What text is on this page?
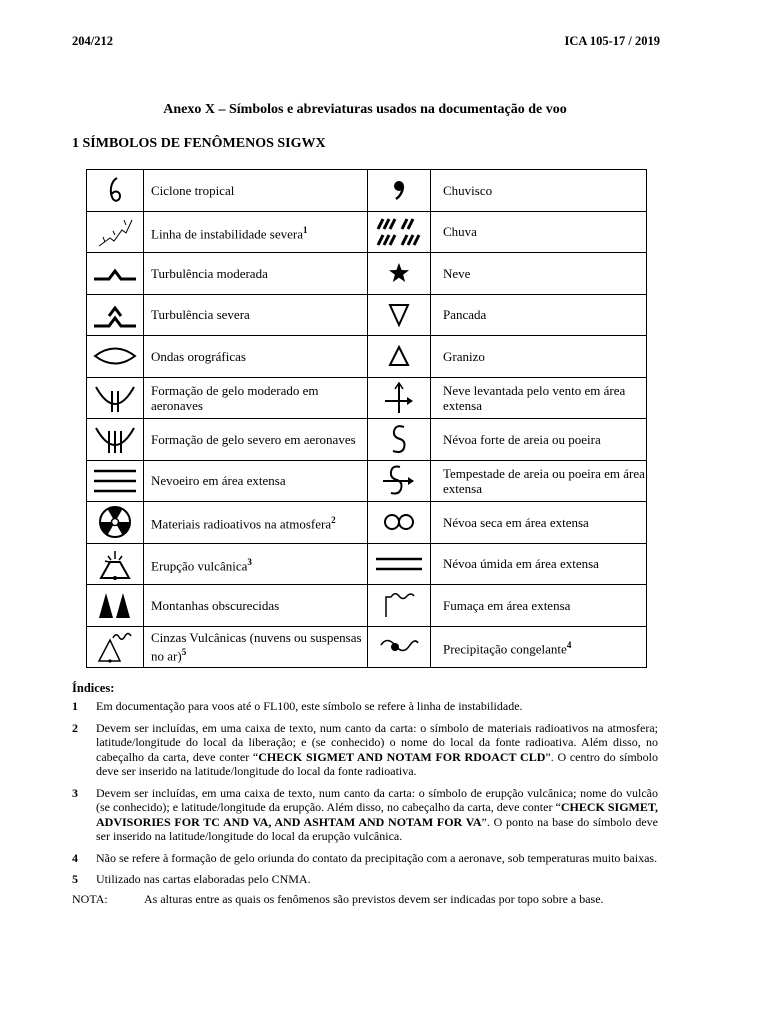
204/212	ICA 105-17 / 2019
Anexo X – Símbolos e abreviaturas usados na documentação de voo
1 SÍMBOLOS DE FENÔMENOS SIGWX
	Ciclone tropical		Chuvisco

	Linha de instabilidade severa$^1$		Chuva

	Turbulência moderada		Neve

	Turbulência severa		Pancada

	Ondas orográficas		Granizo

	Formação de gelo moderado em aeronaves		Neve levantada pelo vento em área extensa

	Formação de gelo severo em aeronaves		Névoa forte de areia ou poeira

	Nevoeiro em área extensa		Tempestade de areia ou poeira em área extensa

	Materiais radioativos na atmosfera$^2$		Névoa seca em área extensa

	Erupção vulcânica$^3$		Névoa úmida em área extensa

	Montanhas obscurecidas		Fumaça em área extensa

	Cinzas Vulcânicas (nuvens ou suspensas no ar)$^5$		Precipitação congelante$^4$
Índices:
1	Em documentação para voos até o FL100, este símbolo se refere à linha de instabilidade.
2	Devem ser incluídas, em uma caixa de texto, num canto da carta: o símbolo de materiais radioativos na atmosfera; latitude/longitude do local da liberação; e (se conhecido) o nome do local da fonte radioativa. Além disso, no cabeçalho da carta, deve conter “CHECK SIGMET AND NOTAM FOR RDOACT CLD”. O centro do símbolo deve ser inserido na latitude/longitude do local da fonte radioativa.
3	Devem ser incluídas, em uma caixa de texto, num canto da carta: o símbolo de erupção vulcânica; nome do vulcão (se conhecido); e latitude/longitude da erupção. Além disso, no cabeçalho da carta, deve conter “CHECK SIGMET, ADVISORIES FOR TC AND VA, AND ASHTAM AND NOTAM FOR VA”. O ponto na base do símbolo deve ser inserido na latitude/longitude do local da erupção vulcânica.
4	Não se refere à formação de gelo oriunda do contato da precipitação com a aeronave, sob temperaturas muito baixas.
5	Utilizado nas cartas elaboradas pelo CNMA.
NOTA:	As alturas entre as quais os fenômenos são previstos devem ser indicadas por topo sobre a base.
